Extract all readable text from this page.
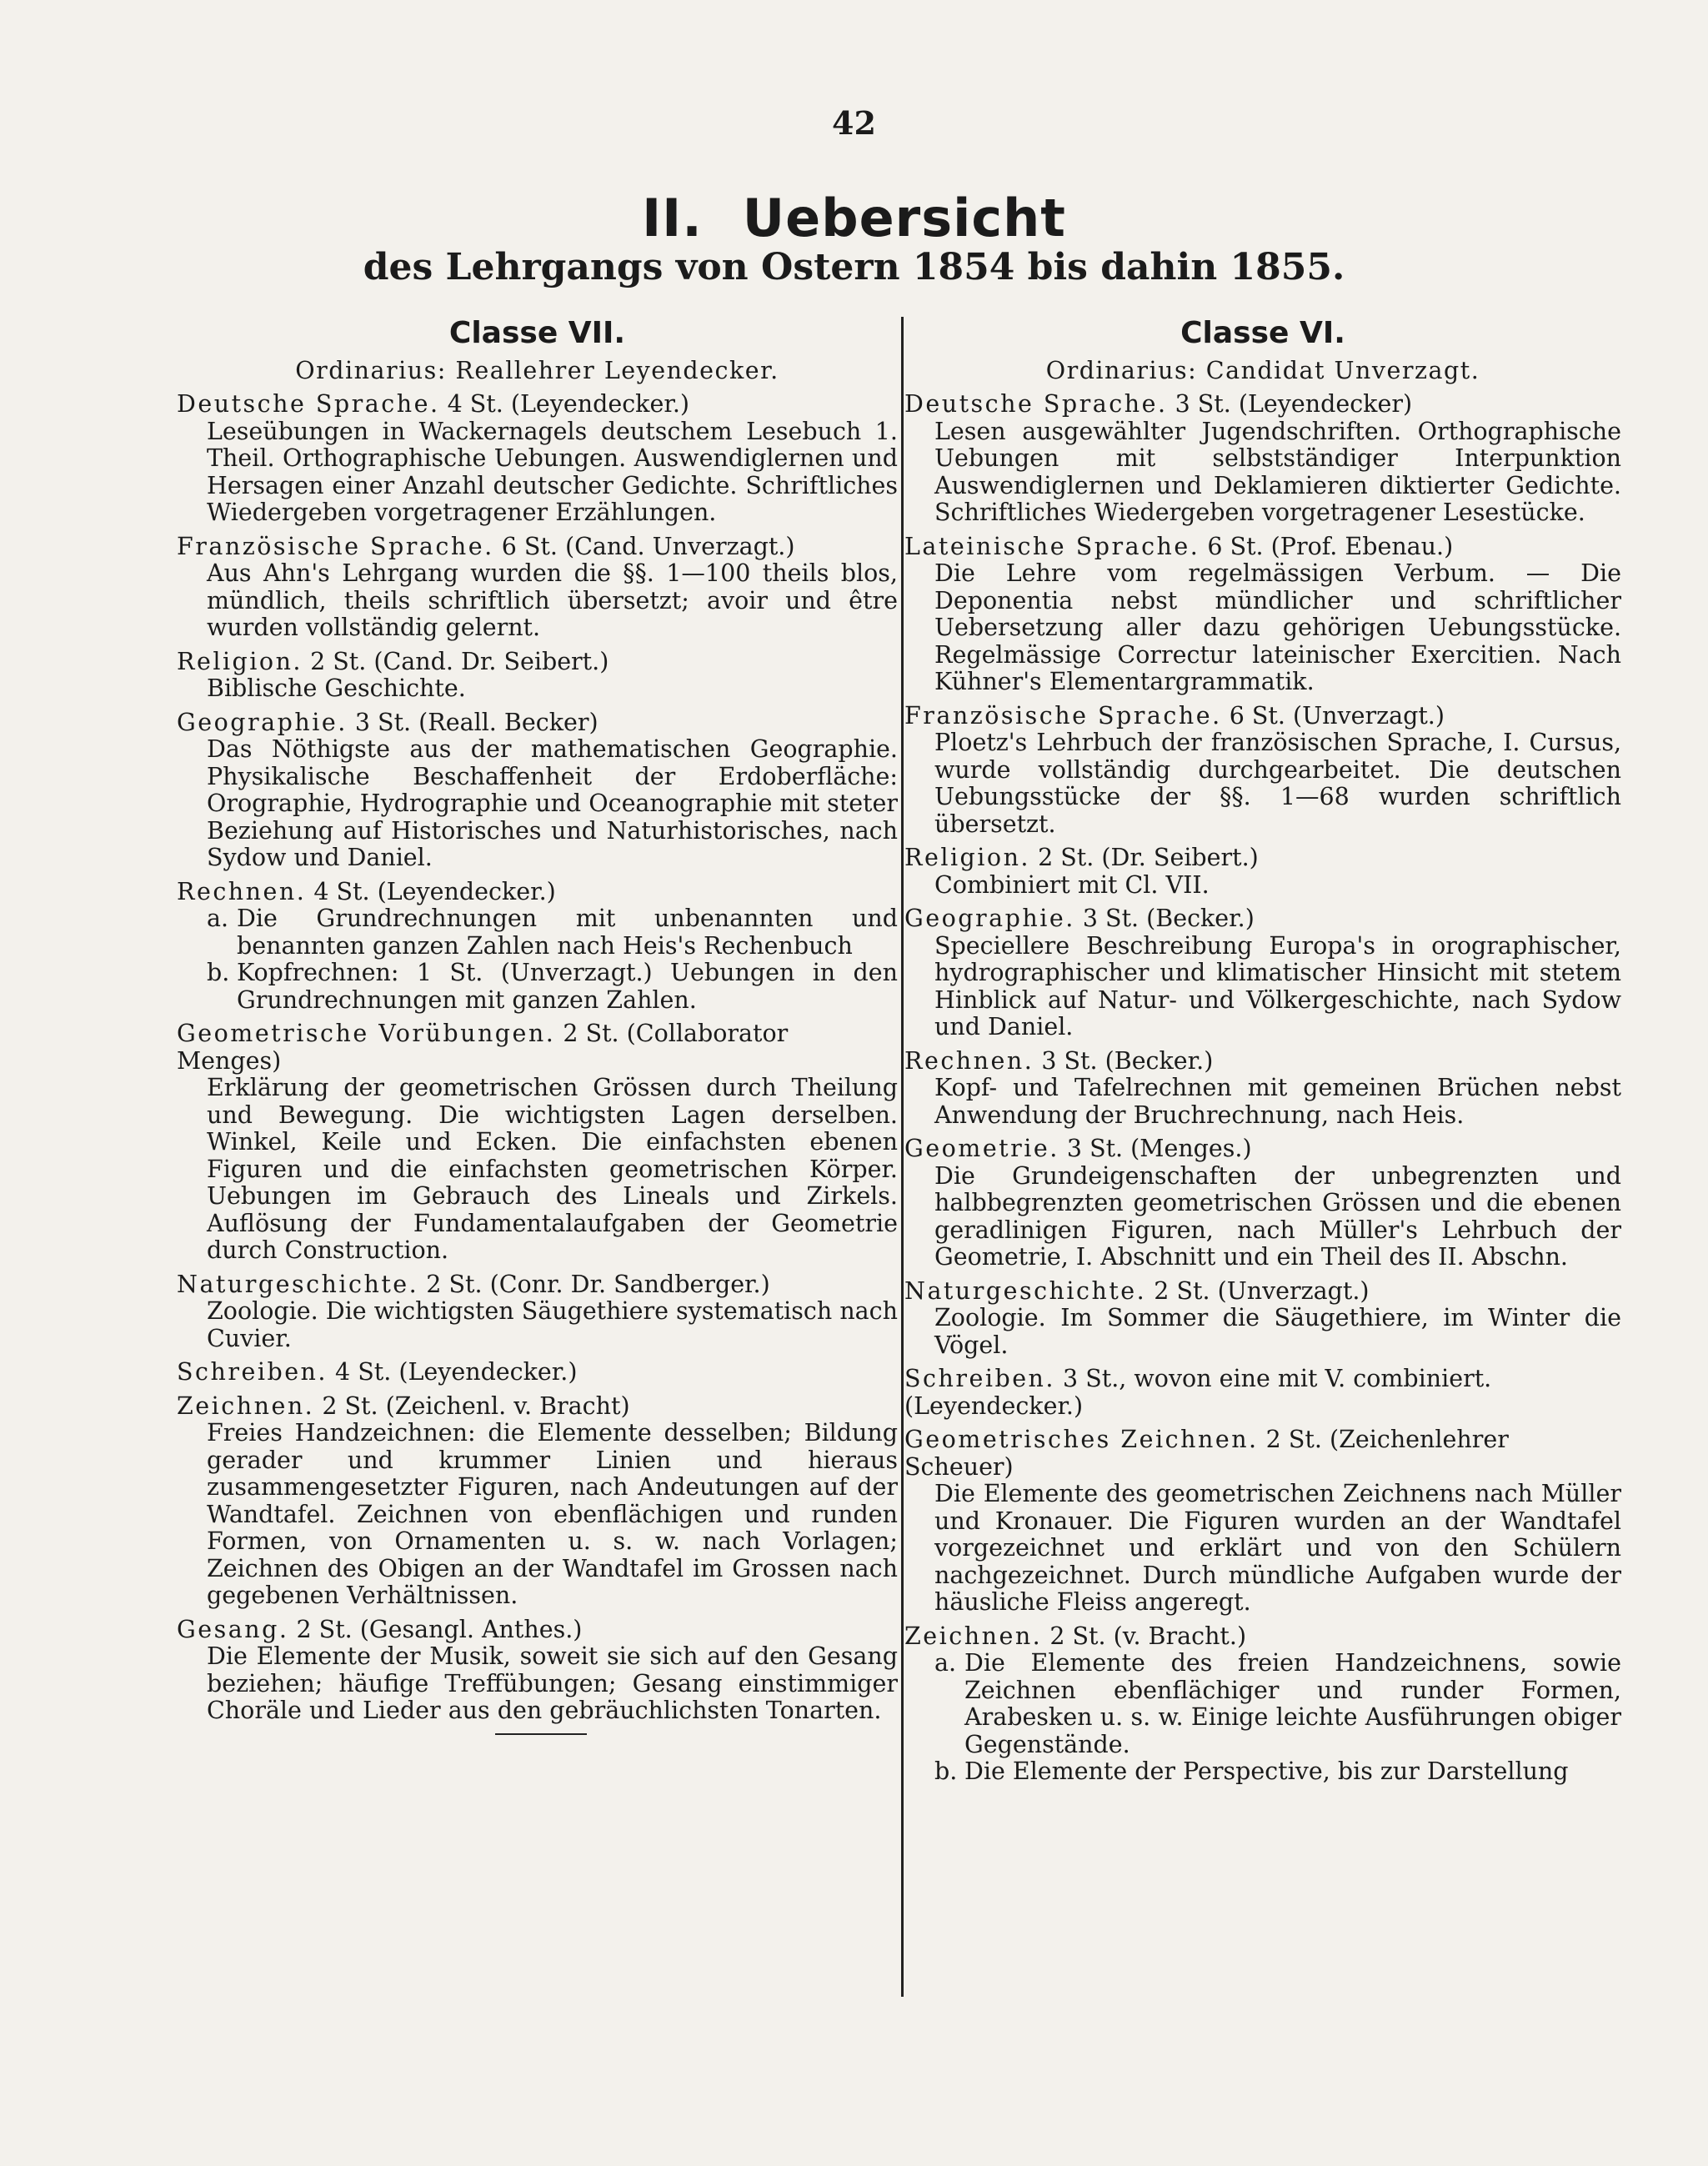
42
II. Uebersicht
des Lehrgangs von Ostern 1854 bis dahin 1855.
Classe VII.
Ordinarius: Reallehrer Leyendecker.
Deutsche Sprache. 4 St. (Leyendecker.)
Leseübungen in Wackernagels deutschem Lesebuch 1. Theil. Orthographische Uebungen. Auswendiglernen und Hersagen einer Anzahl deutscher Gedichte. Schriftliches Wiedergeben vorgetragener Erzählungen.
Französische Sprache. 6 St. (Cand. Unverzagt.)
Aus Ahn's Lehrgang wurden die §§. 1—100 theils blos, mündlich, theils schriftlich übersetzt; avoir und être wurden vollständig gelernt.
Religion. 2 St. (Cand. Dr. Seibert.)
Biblische Geschichte.
Geographie. 3 St. (Reall. Becker)
Das Nöthigste aus der mathematischen Geographie. Physikalische Beschaffenheit der Erdoberfläche: Orographie, Hydrographie und Oceanographie mit steter Beziehung auf Historisches und Naturhistorisches, nach Sydow und Daniel.
Rechnen. 4 St. (Leyendecker.)
a. Die Grundrechnungen mit unbenannten und benannten ganzen Zahlen nach Heis's Rechenbuch
b. Kopfrechnen: 1 St. (Unverzagt.) Uebungen in den Grundrechnungen mit ganzen Zahlen.
Geometrische Vorübungen. 2 St. (Collaborator Menges)
Erklärung der geometrischen Grössen durch Theilung und Bewegung. Die wichtigsten Lagen derselben. Winkel, Keile und Ecken. Die einfachsten ebenen Figuren und die einfachsten geometrischen Körper. Uebungen im Gebrauch des Lineals und Zirkels. Auflösung der Fundamentalaufgaben der Geometrie durch Construction.
Naturgeschichte. 2 St. (Conr. Dr. Sandberger.)
Zoologie. Die wichtigsten Säugethiere systematisch nach Cuvier.
Schreiben. 4 St. (Leyendecker.)
Zeichnen. 2 St. (Zeichenl. v. Bracht)
Freies Handzeichnen: die Elemente desselben; Bildung gerader und krummer Linien und hieraus zusammengesetzter Figuren, nach Andeutungen auf der Wandtafel. Zeichnen von ebenflächigen und runden Formen, von Ornamenten u. s. w. nach Vorlagen; Zeichnen des Obigen an der Wandtafel im Grossen nach gegebenen Verhältnissen.
Gesang. 2 St. (Gesangl. Anthes.)
Die Elemente der Musik, soweit sie sich auf den Gesang beziehen; häufige Treffübungen; Gesang einstimmiger Choräle und Lieder aus den gebräuchlichsten Tonarten.
Classe VI.
Ordinarius: Candidat Unverzagt.
Deutsche Sprache. 3 St. (Leyendecker)
Lesen ausgewählter Jugendschriften. Orthographische Uebungen mit selbstständiger Interpunktion Auswendiglernen und Deklamieren diktierter Gedichte. Schriftliches Wiedergeben vorgetragener Lesestücke.
Lateinische Sprache. 6 St. (Prof. Ebenau.)
Die Lehre vom regelmässigen Verbum. — Die Deponentia nebst mündlicher und schriftlicher Uebersetzung aller dazu gehörigen Uebungsstücke. Regelmässige Correctur lateinischer Exercitien. Nach Kühner's Elementargrammatik.
Französische Sprache. 6 St. (Unverzagt.)
Ploetz's Lehrbuch der französischen Sprache, I. Cursus, wurde vollständig durchgearbeitet. Die deutschen Uebungsstücke der §§. 1—68 wurden schriftlich übersetzt.
Religion. 2 St. (Dr. Seibert.)
Combiniert mit Cl. VII.
Geographie. 3 St. (Becker.)
Speciellere Beschreibung Europa's in orographischer, hydrographischer und klimatischer Hinsicht mit stetem Hinblick auf Natur- und Völkergeschichte, nach Sydow und Daniel.
Rechnen. 3 St. (Becker.)
Kopf- und Tafelrechnen mit gemeinen Brüchen nebst Anwendung der Bruchrechnung, nach Heis.
Geometrie. 3 St. (Menges.)
Die Grundeigenschaften der unbegrenzten und halbbegrenzten geometrischen Grössen und die ebenen geradlinigen Figuren, nach Müller's Lehrbuch der Geometrie, I. Abschnitt und ein Theil des II. Abschn.
Naturgeschichte. 2 St. (Unverzagt.)
Zoologie. Im Sommer die Säugethiere, im Winter die Vögel.
Schreiben. 3 St., wovon eine mit V. combiniert. (Leyendecker.)
Geometrisches Zeichnen. 2 St. (Zeichenlehrer Scheuer)
Die Elemente des geometrischen Zeichnens nach Müller und Kronauer. Die Figuren wurden an der Wandtafel vorgezeichnet und erklärt und von den Schülern nachgezeichnet. Durch mündliche Aufgaben wurde der häusliche Fleiss angeregt.
Zeichnen. 2 St. (v. Bracht.)
a. Die Elemente des freien Handzeichnens, sowie Zeichnen ebenflächiger und runder Formen, Arabesken u. s. w. Einige leichte Ausführungen obiger Gegenstände.
b. Die Elemente der Perspective, bis zur Darstellung
